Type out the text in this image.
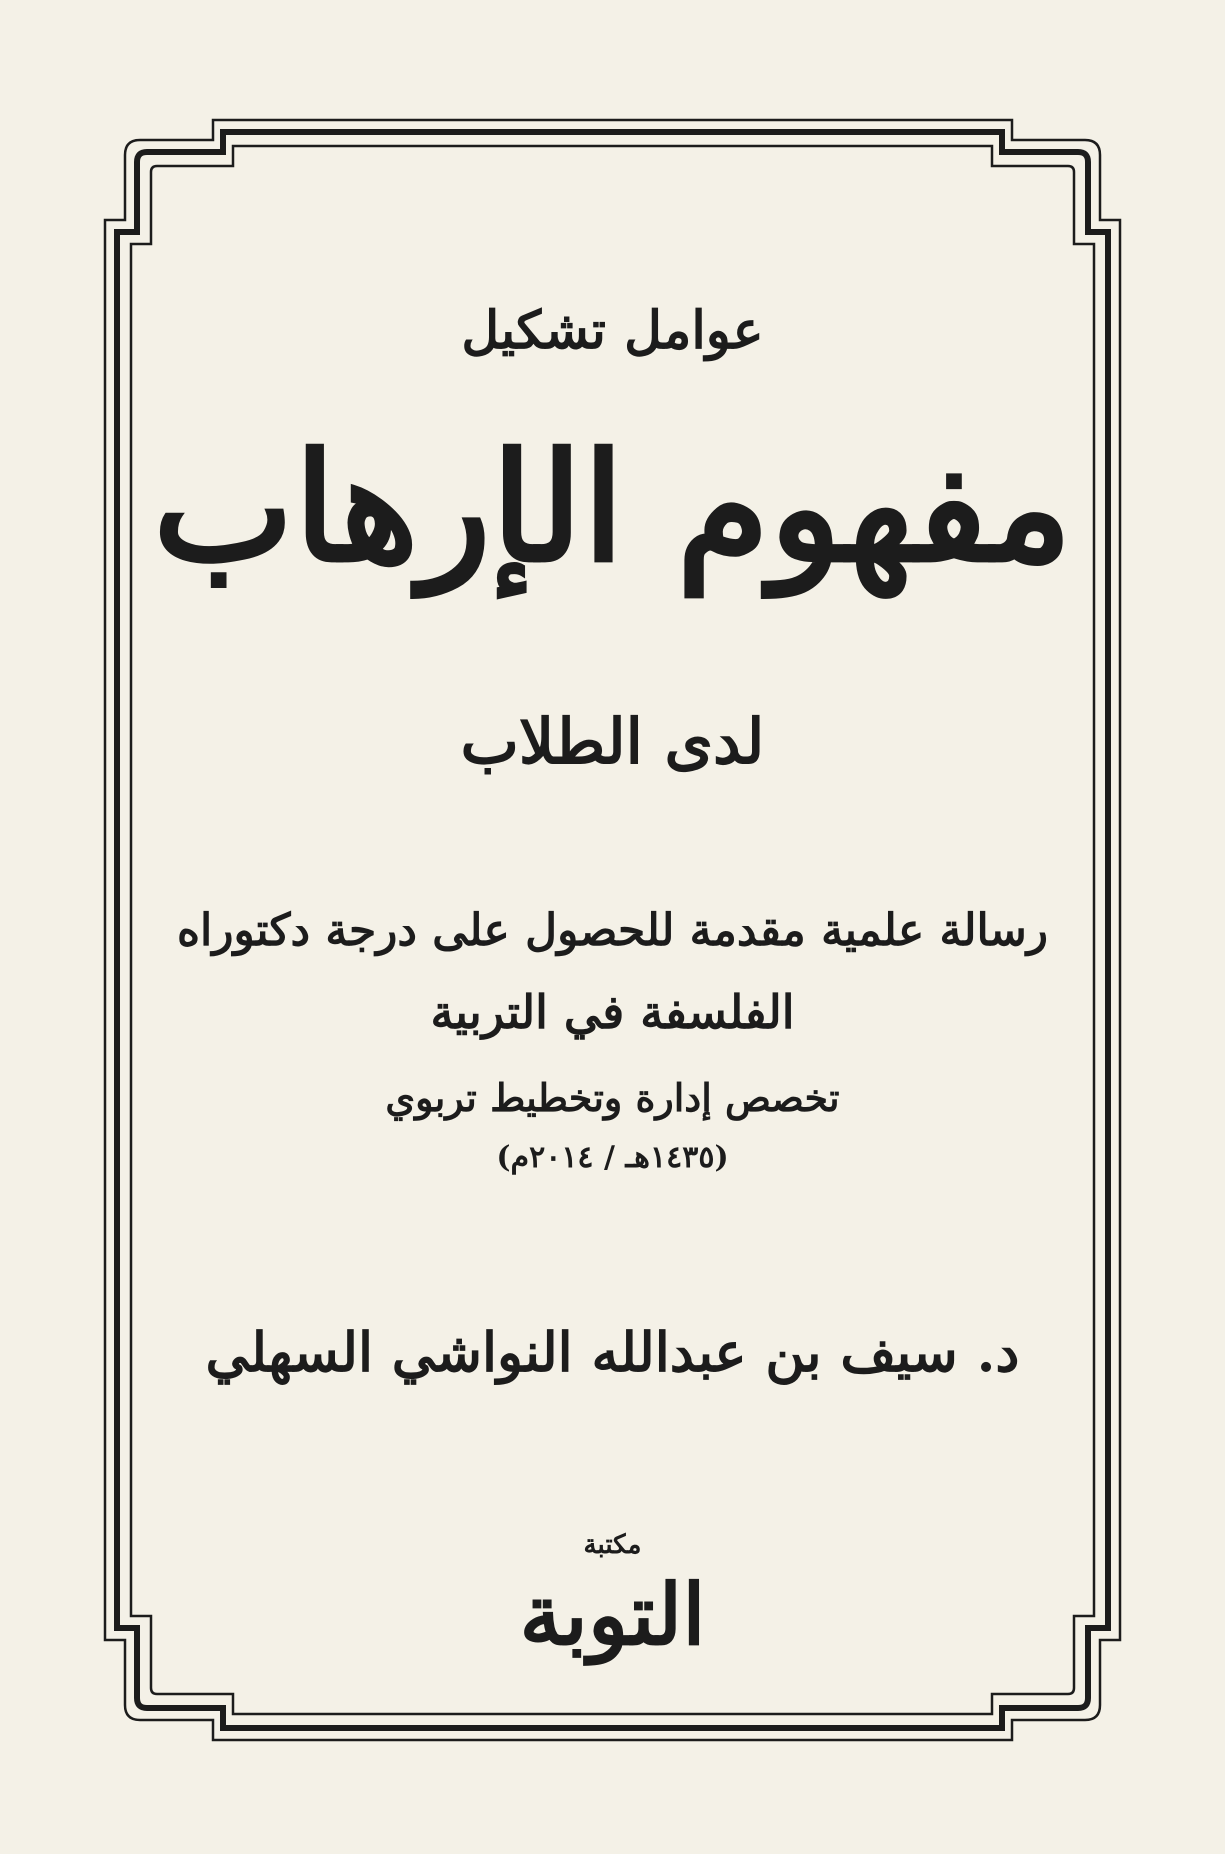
عوامل تشكيل
مفهوم الإرهاب
لدى الطلاب
رسالة علمية مقدمة للحصول على درجة دكتوراه
الفلسفة في التربية
تخصص إدارة وتخطيط تربوي
(١٤٣٥هـ / ٢٠١٤م)
د. سيف بن عبدالله النواشي السهلي
مكتبة
التوبة
